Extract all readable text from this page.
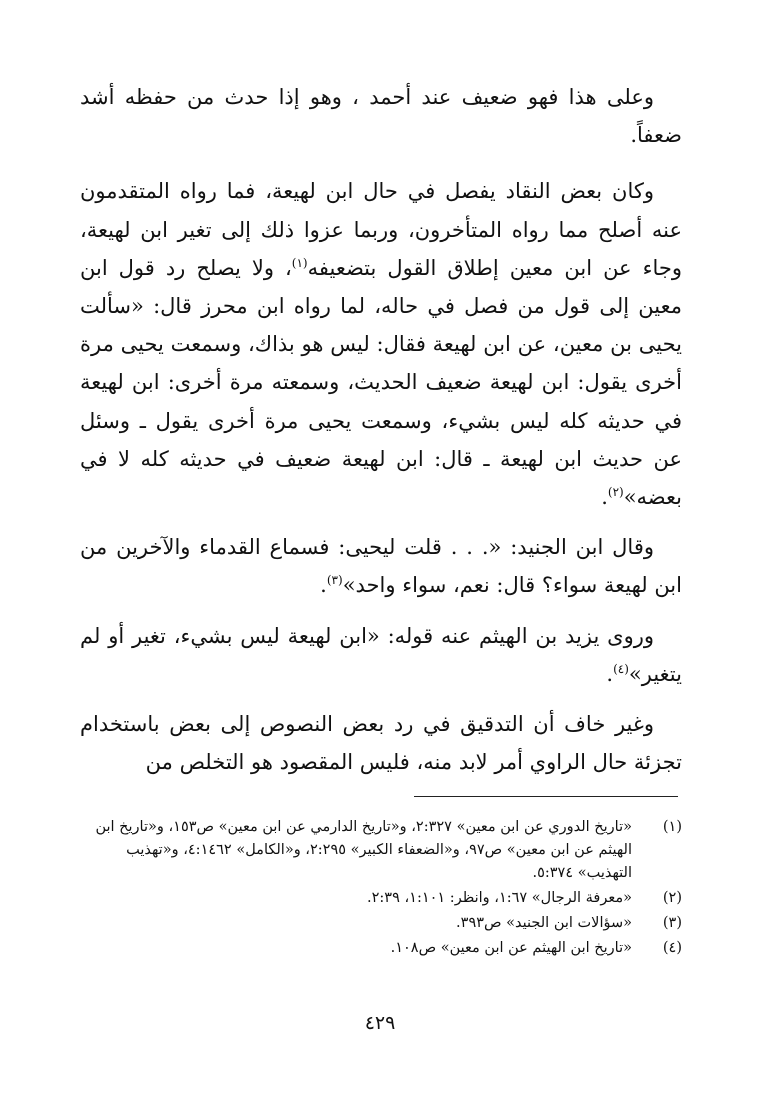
وعلى هذا فهو ضعيف عند أحمد ، وهو إذا حدث من حفظه أشد ضعفاً.

وكان بعض النقاد يفصل في حال ابن لهيعة، فما رواه المتقدمون عنه أصلح مما رواه المتأخرون، وربما عزوا ذلك إلى تغير ابن لهيعة، وجاء عن ابن معين إطلاق القول بتضعيفه$^{(١)}$، ولا يصلح رد قول ابن معين إلى قول من فصل في حاله، لما رواه ابن محرز قال: «سألت يحيى بن معين، عن ابن لهيعة فقال: ليس هو بذاك، وسمعت يحيى مرة أخرى يقول: ابن لهيعة ضعيف الحديث، وسمعته مرة أخرى: ابن لهيعة في حديثه كله ليس بشيء، وسمعت يحيى مرة أخرى يقول ـ وسئل عن حديث ابن لهيعة ـ قال: ابن لهيعة ضعيف في حديثه كله لا في بعضه»$^{(٢)}$.

وقال ابن الجنيد: «. . . قلت ليحيى: فسماع القدماء والآخرين من ابن لهيعة سواء؟ قال: نعم، سواء واحد»$^{(٣)}$.

وروى يزيد بن الهيثم عنه قوله: «ابن لهيعة ليس بشيء، تغير أو لم يتغير»$^{(٤)}$.

وغير خاف أن التدقيق في رد بعض النصوص إلى بعض باستخدام تجزئة حال الراوي أمر لابد منه، فليس المقصود هو التخلص من

(١)
«تاريخ الدوري عن ابن معين» ٢:٣٢٧، و«تاريخ الدارمي عن ابن معين» ص١٥٣، و«تاريخ ابن الهيثم عن ابن معين» ص٩٧، و«الضعفاء الكبير» ٢:٢٩٥، و«الكامل» ٤:١٤٦٢، و«تهذيب التهذيب» ٥:٣٧٤.
(٢)
«معرفة الرجال» ١:٦٧، وانظر: ١:١٠١، ٢:٣٩.
(٣)
«سؤالات ابن الجنيد» ص٣٩٣.
(٤)
«تاريخ ابن الهيثم عن ابن معين» ص١٠٨.
٤٢٩
